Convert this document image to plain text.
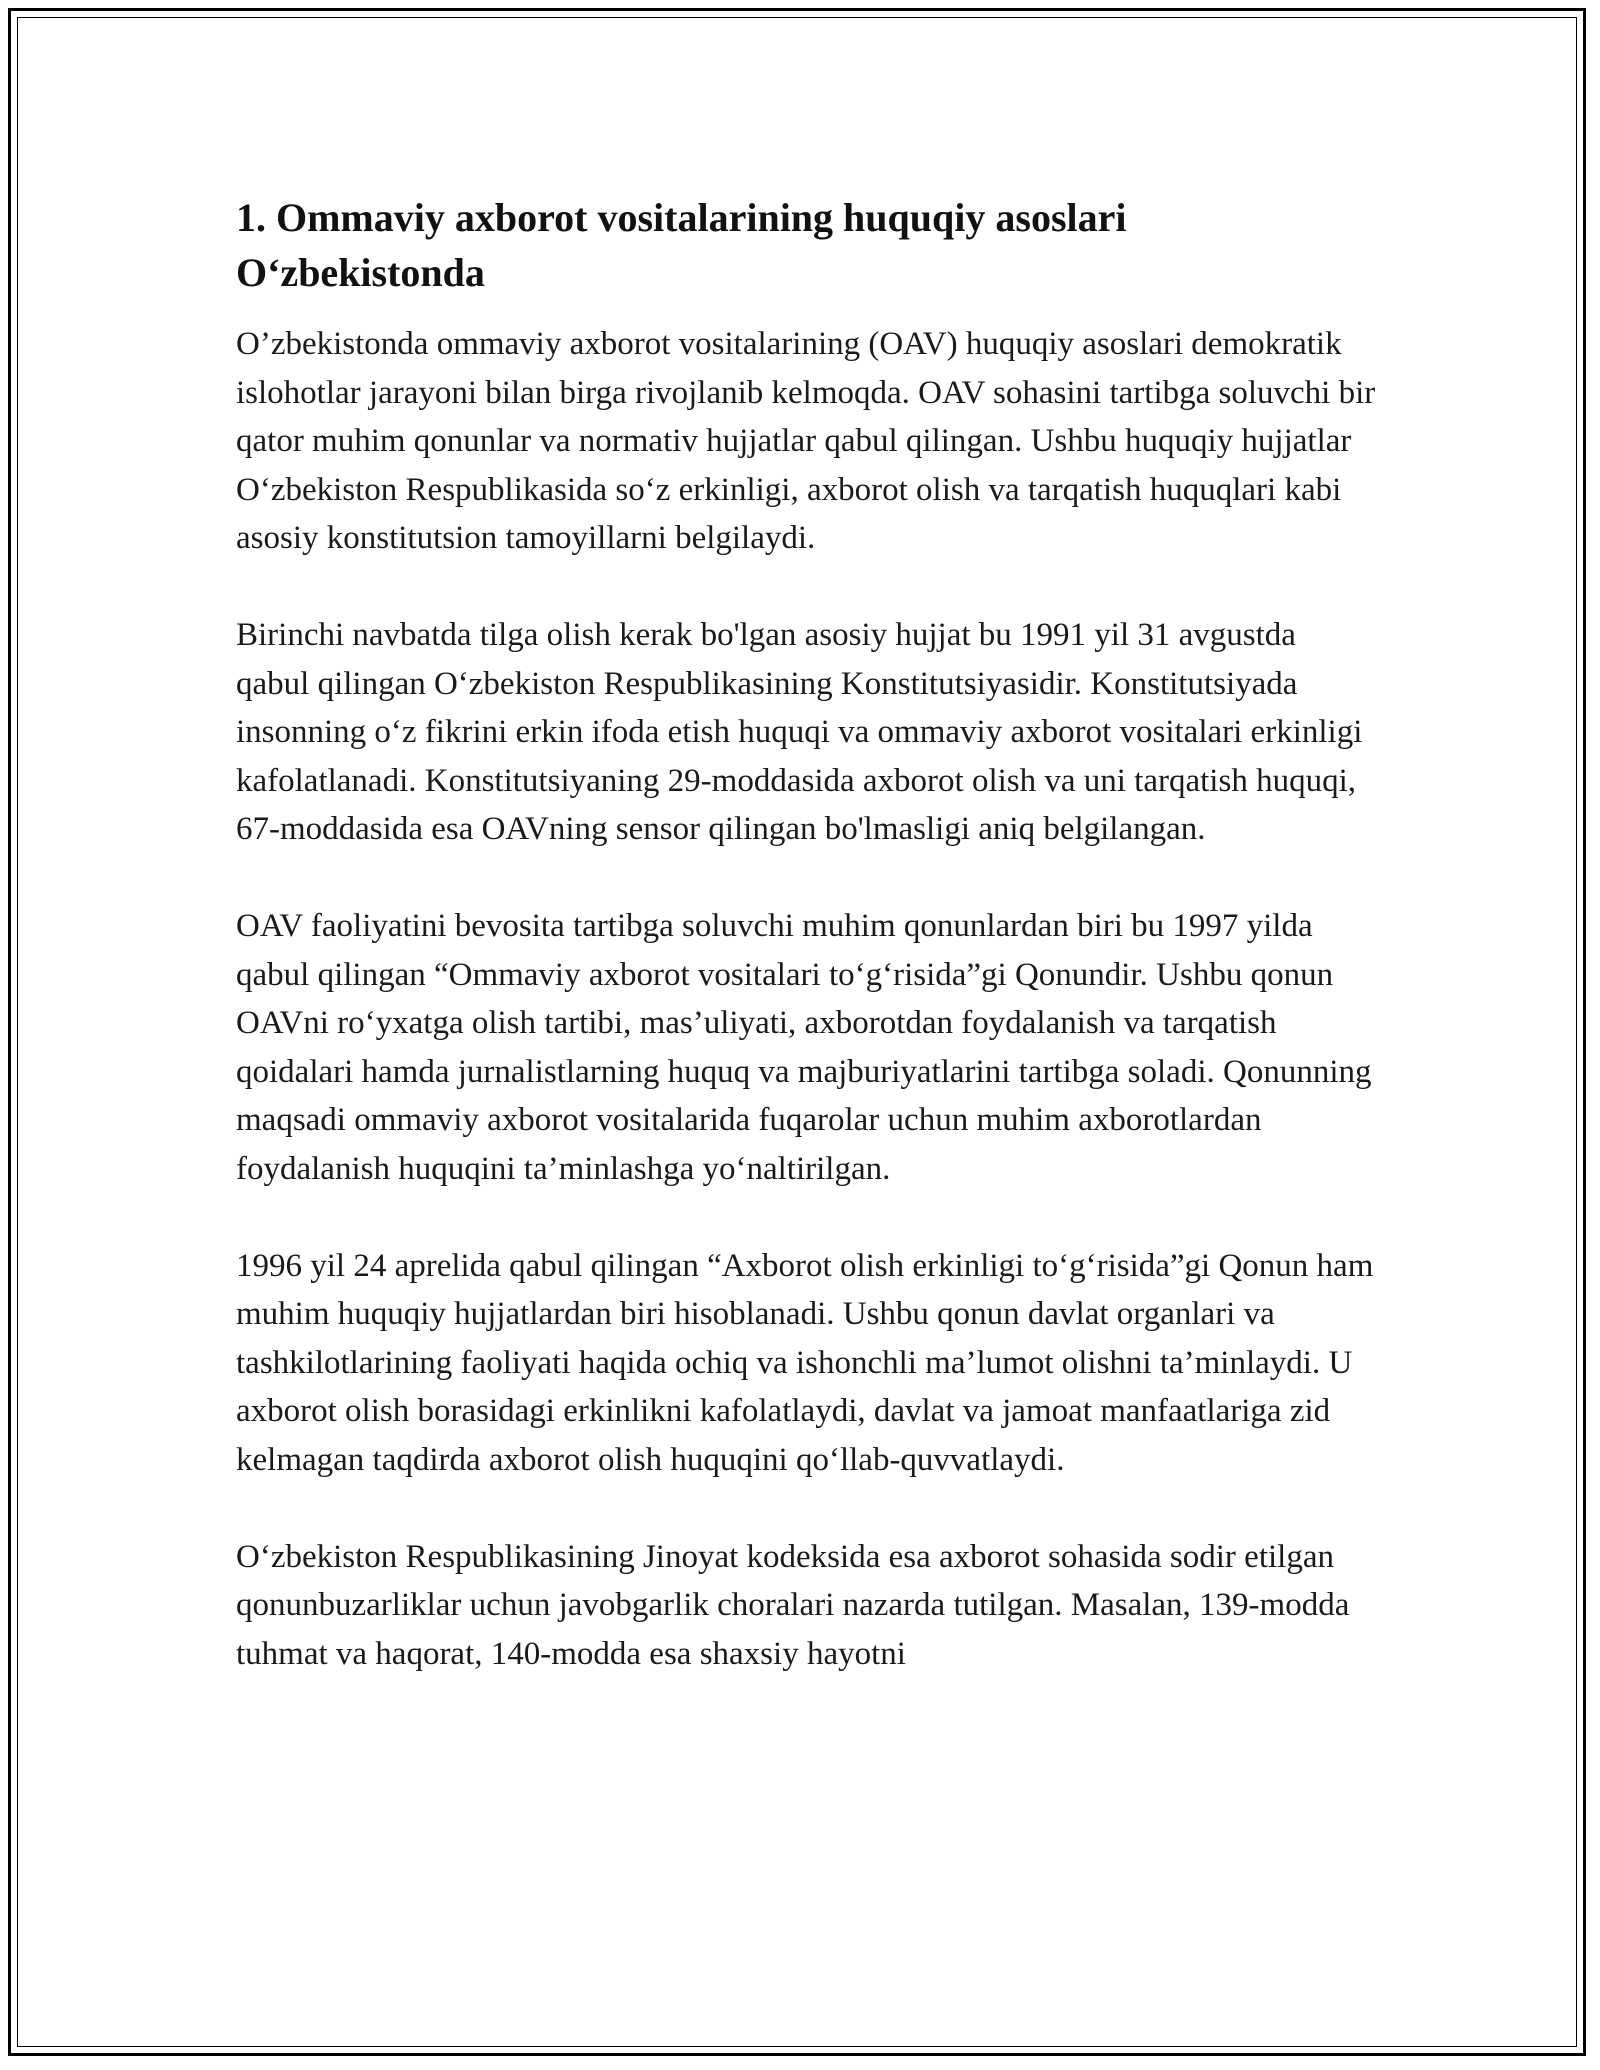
1. Ommaviy axborot vositalarining huquqiy asoslari O‘zbekistonda

O’zbekistonda ommaviy axborot vositalarining (OAV) huquqiy asoslari demokratik islohotlar jarayoni bilan birga rivojlanib kelmoqda. OAV sohasini tartibga soluvchi bir qator muhim qonunlar va normativ hujjatlar qabul qilingan. Ushbu huquqiy hujjatlar O‘zbekiston Respublikasida so‘z erkinligi, axborot olish va tarqatish huquqlari kabi asosiy konstitutsion tamoyillarni belgilaydi.

Birinchi navbatda tilga olish kerak bo'lgan asosiy hujjat bu 1991 yil 31 avgustda qabul qilingan O‘zbekiston Respublikasining Konstitutsiyasidir. Konstitutsiyada insonning o‘z fikrini erkin ifoda etish huquqi va ommaviy axborot vositalari erkinligi kafolatlanadi. Konstitutsiyaning 29-moddasida axborot olish va uni tarqatish huquqi, 67-moddasida esa OAVning sensor qilingan bo'lmasligi aniq belgilangan.

OAV faoliyatini bevosita tartibga soluvchi muhim qonunlardan biri bu 1997 yilda qabul qilingan “Ommaviy axborot vositalari to‘g‘risida”gi Qonundir. Ushbu qonun OAVni ro‘yxatga olish tartibi, mas’uliyati, axborotdan foydalanish va tarqatish qoidalari hamda jurnalistlarning huquq va majburiyatlarini tartibga soladi. Qonunning maqsadi ommaviy axborot vositalarida fuqarolar uchun muhim axborotlardan foydalanish huquqini ta’minlashga yo‘naltirilgan.

1996 yil 24 aprelida qabul qilingan “Axborot olish erkinligi to‘g‘risida”gi Qonun ham muhim huquqiy hujjatlardan biri hisoblanadi. Ushbu qonun davlat organlari va tashkilotlarining faoliyati haqida ochiq va ishonchli ma’lumot olishni ta’minlaydi. U axborot olish borasidagi erkinlikni kafolatlaydi, davlat va jamoat manfaatlariga zid kelmagan taqdirda axborot olish huquqini qo‘llab-quvvatlaydi.

O‘zbekiston Respublikasining Jinoyat kodeksida esa axborot sohasida sodir etilgan qonunbuzarliklar uchun javobgarlik choralari nazarda tutilgan. Masalan, 139-modda tuhmat va haqorat, 140-modda esa shaxsiy hayotni
